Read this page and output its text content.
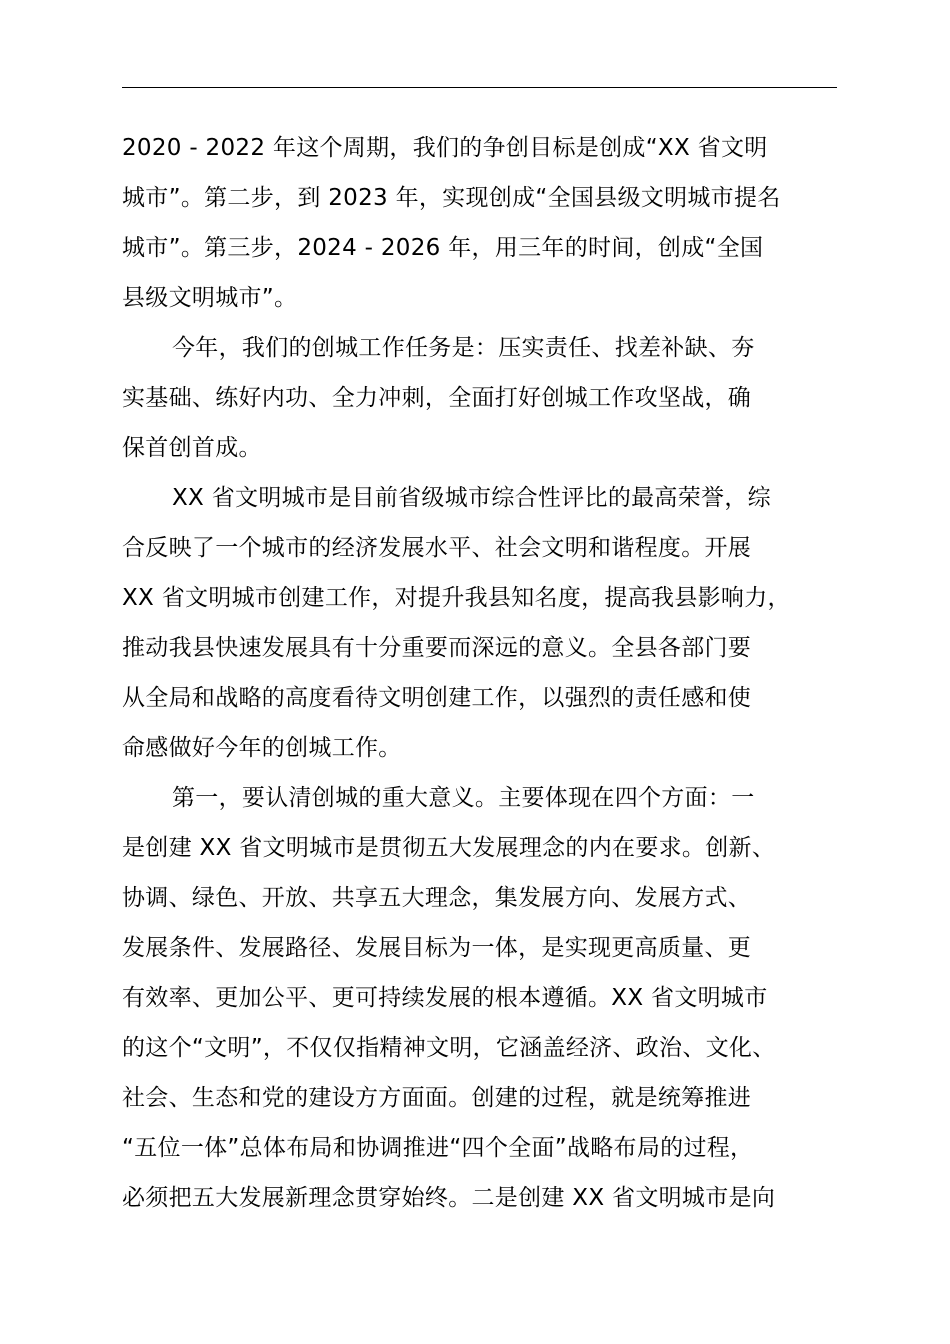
2020 - 2022 年这个周期，我们的争创目标是创成“XX 省文明
城市”。第二步，到 2023 年，实现创成“全国县级文明城市提名
城市”。第三步，2024 - 2026 年，用三年的时间，创成“全国
县级文明城市”。
今年，我们的创城工作任务是：压实责任、找差补缺、夯
实基础、练好内功、全力冲刺，全面打好创城工作攻坚战，确
保首创首成。
XX 省文明城市是目前省级城市综合性评比的最高荣誉，综
合反映了一个城市的经济发展水平、社会文明和谐程度。开展
XX 省文明城市创建工作，对提升我县知名度，提高我县影响力，
推动我县快速发展具有十分重要而深远的意义。全县各部门要
从全局和战略的高度看待文明创建工作，以强烈的责任感和使
命感做好今年的创城工作。
第一，要认清创城的重大意义。主要体现在四个方面：一
是创建 XX 省文明城市是贯彻五大发展理念的内在要求。创新、
协调、绿色、开放、共享五大理念，集发展方向、发展方式、
发展条件、发展路径、发展目标为一体，是实现更高质量、更
有效率、更加公平、更可持续发展的根本遵循。XX 省文明城市
的这个“文明”，不仅仅指精神文明，它涵盖经济、政治、文化、
社会、生态和党的建设方方面面。创建的过程，就是统筹推进
“五位一体”总体布局和协调推进“四个全面”战略布局的过程，
必须把五大发展新理念贯穿始终。二是创建 XX 省文明城市是向
